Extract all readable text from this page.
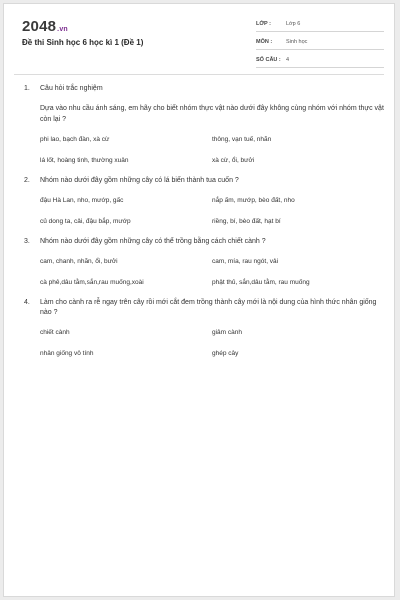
2048.vn
Đề thi Sinh học 6 học kì 1 (Đề 1)
LỚP :	Lớp 6
MÔN :	Sinh học
SỐ CÂU : 4
1.	Câu hỏi trắc nghiệm
Dựa vào nhu cầu ánh sáng, em hãy cho biết nhóm thực vật nào dưới đây không cùng nhóm với nhóm thực vật còn lại ?
phi lao, bạch đàn, xà cừ	thông, vạn tuế, nhãn
lá lốt, hoàng tinh, thường xuân	xà cừ, ổi, bưởi
2.	Nhóm nào dưới đây gồm những cây có lá biến thành tua cuốn ?
đậu Hà Lan, nho, mướp, gấc	nắp ấm, mướp, bèo đất, nho
củ dong ta, cải, đậu bắp, mướp	riềng, bí, bèo đất, hạt bí
3.	Nhóm nào dưới đây gồm những cây có thể trồng bằng cách chiết cành ?
cam, chanh, nhãn, ổi, bưởi	cam, mía, rau ngót, vải
cà phê,dâu tằm,sắn,rau muống,xoài	phật thủ, sắn,dâu tằm, rau muống
4.	Làm cho cành ra rễ ngay trên cây rồi mới cắt đem trồng thành cây mới là nội dung của hình thức nhân giống nào ?
chiết cành	giâm cành
nhân giống vô tính	ghép cây
